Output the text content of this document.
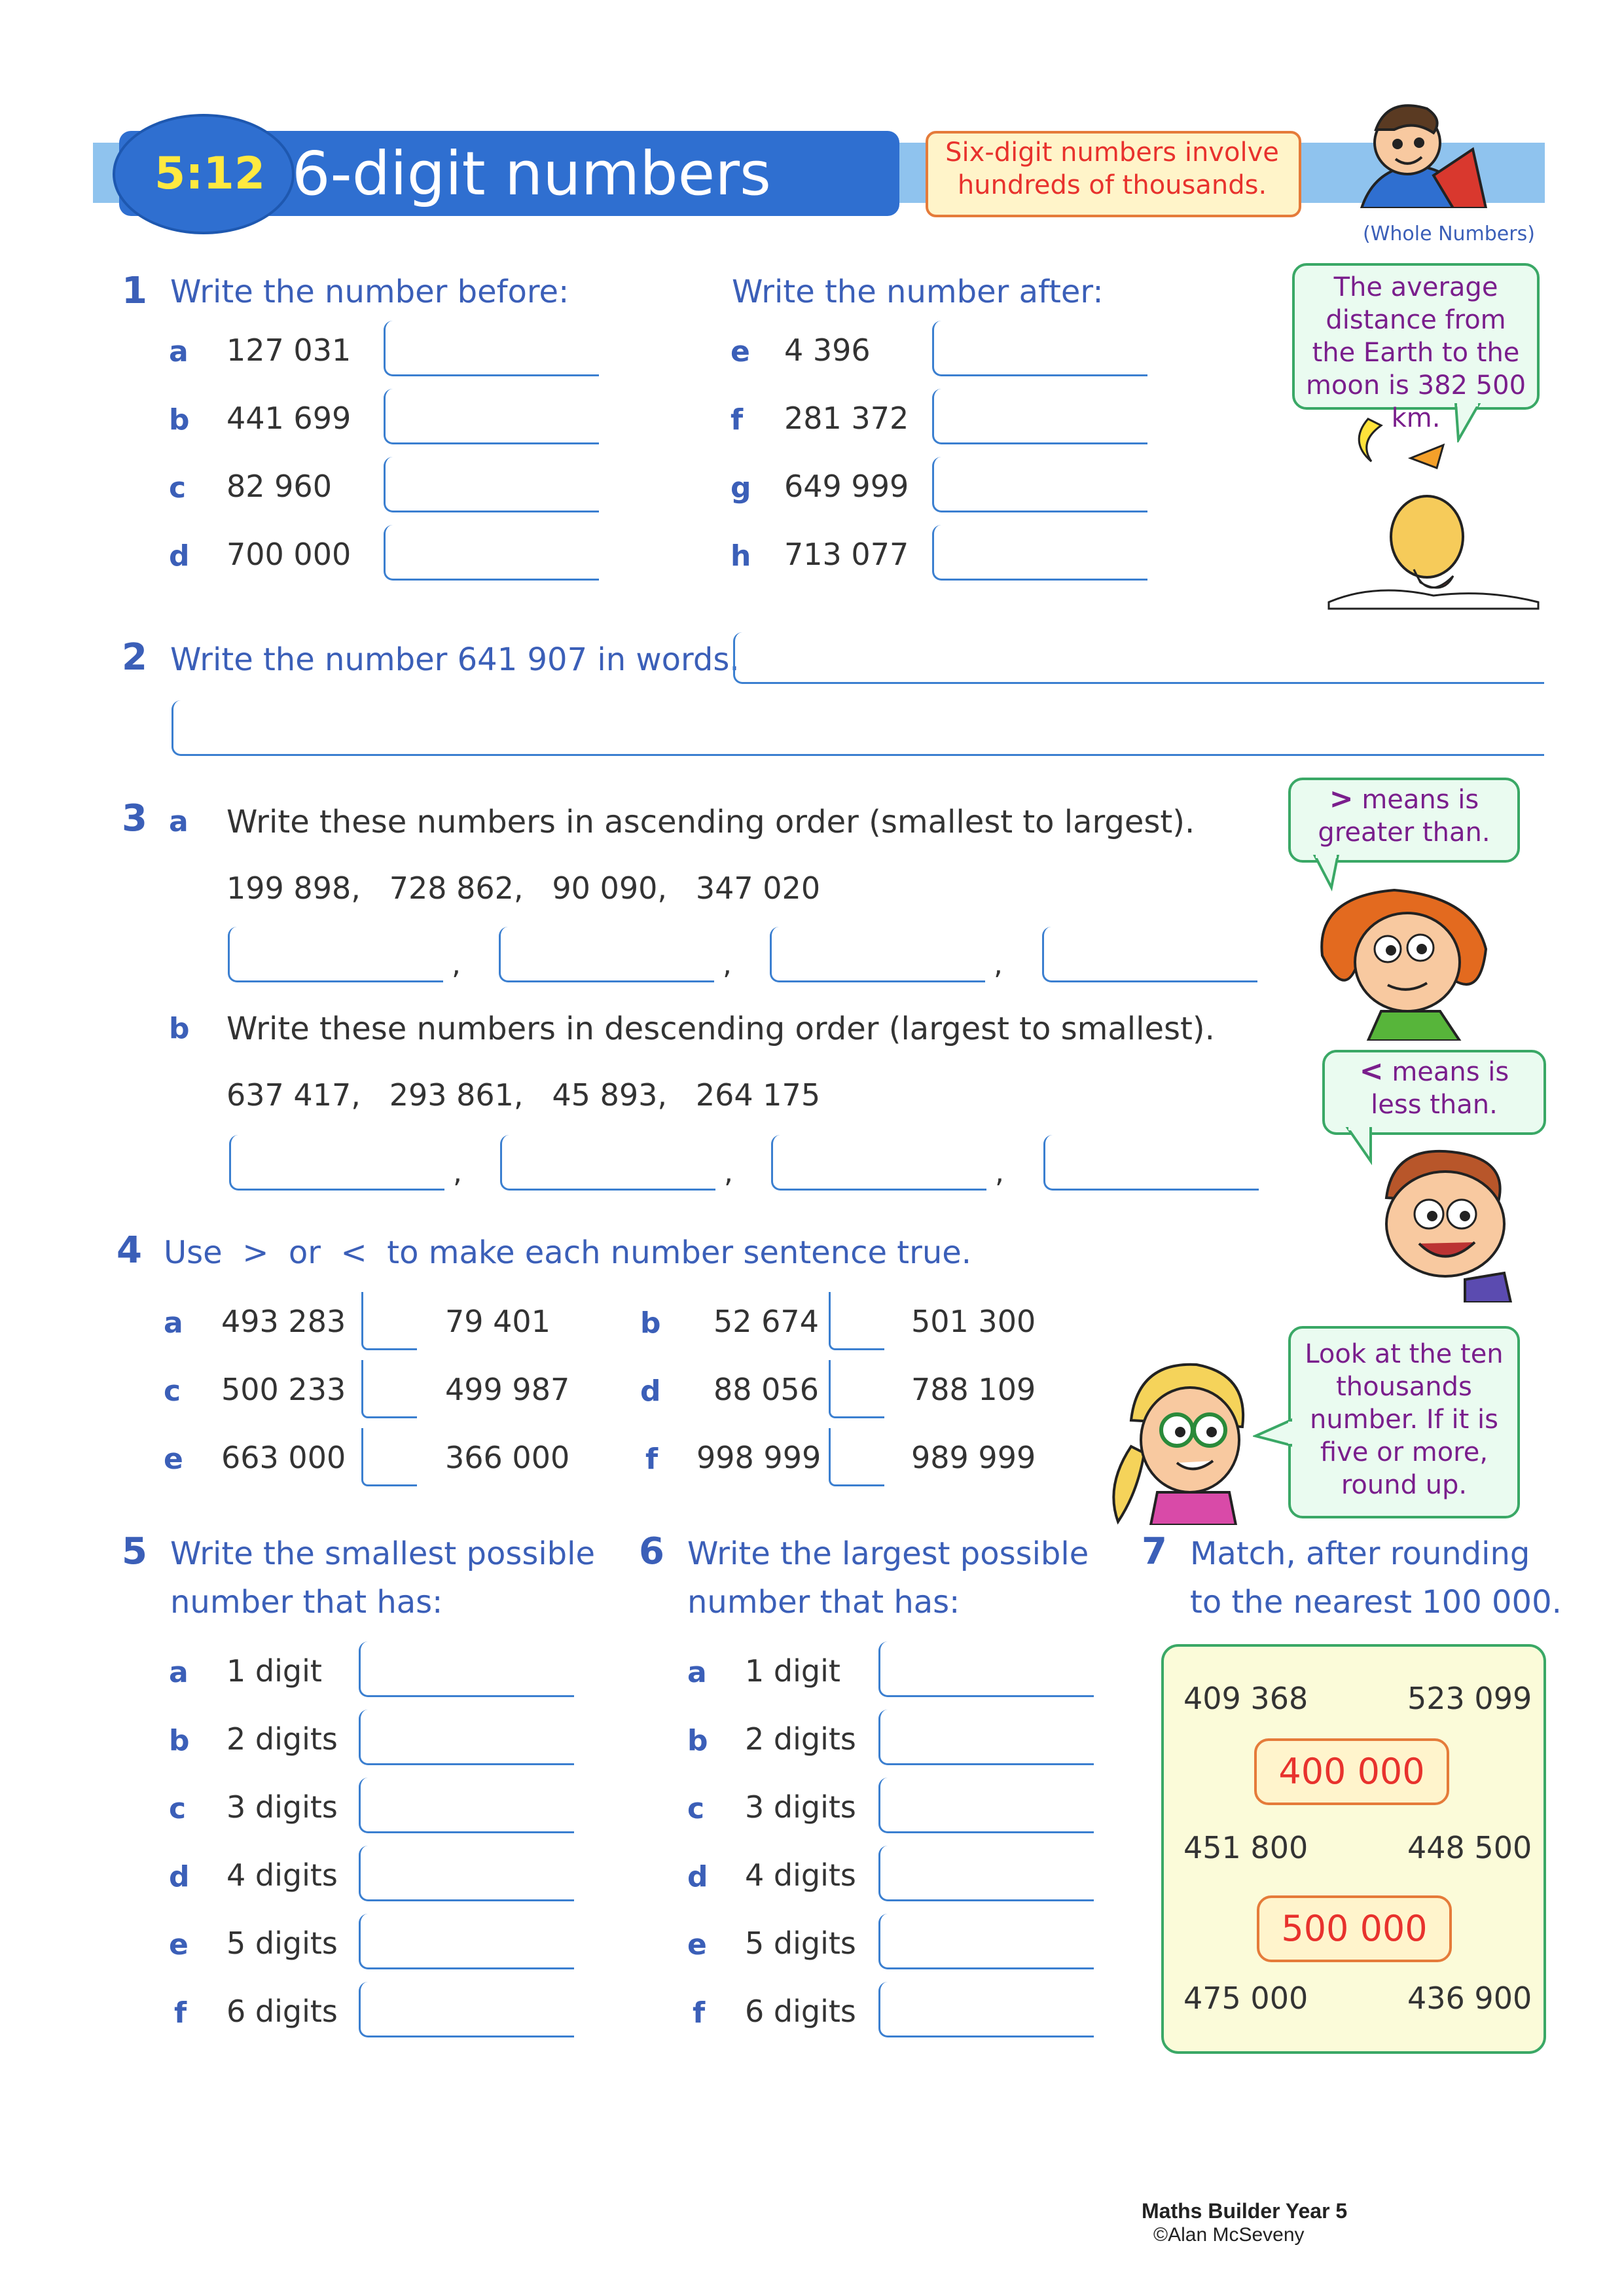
5:12 6-digit numbers	Six-digit numbers involve hundreds of thousands.
(Whole Numbers)
1 Write the number before:	Write the number after:
a 127 031
b 441 699
c 82 960
d 700 000
e 4 396
f 281 372
g 649 999
h 713 077
The average distance from the Earth to the moon is 382 500 km.
2 Write the number 641 907 in words.
3 a Write these numbers in ascending order (smallest to largest).
199 898,   728 862,   90 090,   347 020
,	,	,
b Write these numbers in descending order (largest to smallest).
637 417,   293 861,   45 893,   264 175
,	,	,
> means is greater than.
< means is less than.
4 Use  >  or  <  to make each number sentence true.
a 493 283	79 401	b 52 674	501 300
c 500 233	499 987 d 88 056	788 109
e 663 000	366 000	f 998 999	989 999
Look at the ten thousands number. If it is five or more, round up.
5 Write the smallest possible
number that has:
a 1 digit
b 2 digits
c 3 digits
d 4 digits
e 5 digits
f 6 digits
6 Write the largest possible
number that has:
a 1 digit
b 2 digits
c 3 digits
d 4 digits
e 5 digits
f 6 digits
7 Match, after rounding
to the nearest 100 000.
409 368	523 099
400 000
451 800	448 500
500 000
475 000	436 900
Maths Builder Year 5
©Alan McSeveny
